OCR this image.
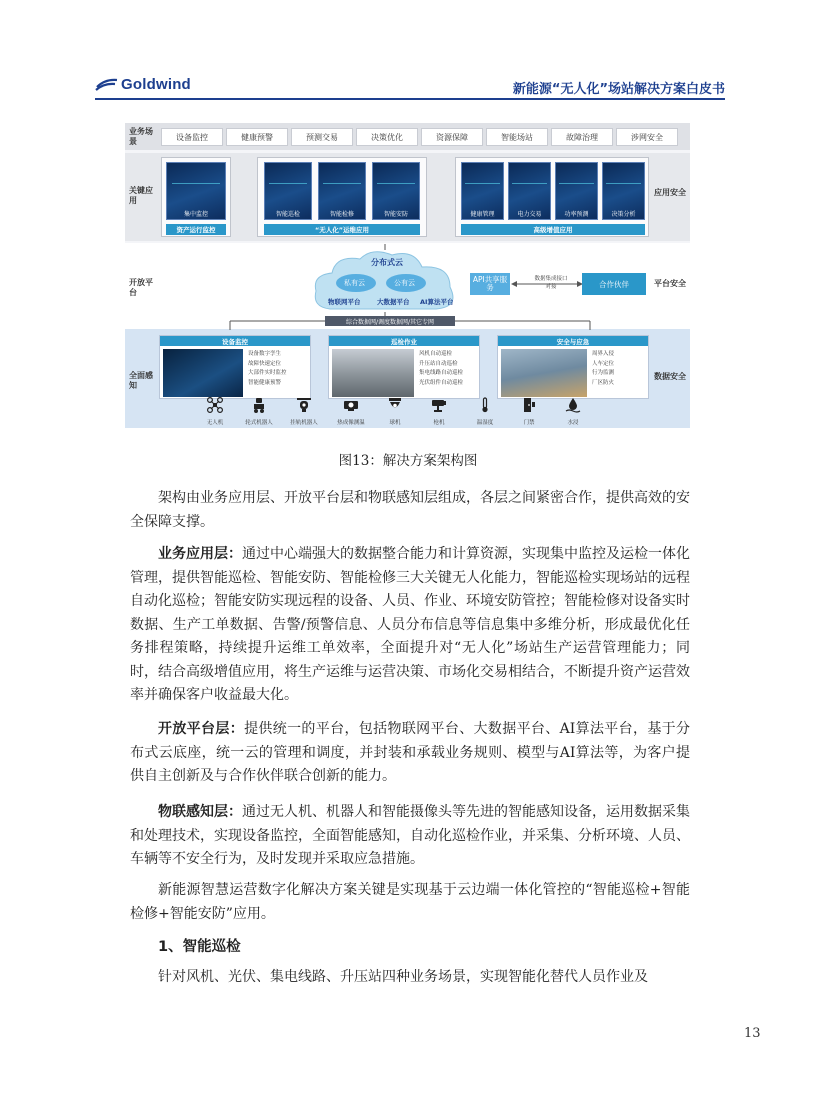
Goldwind	新能源“无人化”场站解决方案白皮书
业务场景
关键应用
开放平台
全面感知
应用安全
平台安全
数据安全
设备监控	健康预警	预测交易	决策优化	资源保障	智能场站	故障治理	涉网安全
集中监控
资产运行监控
智能巡检	智能检修	智能安防
“无人化”运维应用
健康管理	电力交易	功率预测	决策分析
高级增值应用
分布式云
私有云	公有云
物联网平台	大数据平台 AI算法平台
API共享服务
数据集成接口对接	合作伙伴
综合数据网/调度数据网/其它专网
设备监控
设备数字孪生
故障快速定位
大部件实时监控
智能健康预警
巡检作业
风机自动巡检
升压站自动巡检
集电线路自动巡检
光伏组件自动巡检
安全与应急
周界入侵
人车定位
行为监测
厂区防火
无人机	轮式机器人	挂轨机器人	热成像测温	球机	枪机	温湿度	门禁	水浸
图13：解决方案架构图
架构由业务应用层、开放平台层和物联感知层组成，各层之间紧密合作，提供高效的安全保障支撑。
业务应用层：通过中心端强大的数据整合能力和计算资源，实现集中监控及运检一体化管理，提供智能巡检、智能安防、智能检修三大关键无人化能力，智能巡检实现场站的远程自动化巡检；智能安防实现远程的设备、人员、作业、环境安防管控；智能检修对设备实时数据、生产工单数据、告警/预警信息、人员分布信息等信息集中多维分析，形成最优化任务排程策略，持续提升运维工单效率，全面提升对“无人化”场站生产运营管理能力；同时，结合高级增值应用，将生产运维与运营决策、市场化交易相结合，不断提升资产运营效率并确保客户收益最大化。
开放平台层：提供统一的平台，包括物联网平台、大数据平台、AI算法平台，基于分布式云底座，统一云的管理和调度，并封装和承载业务规则、模型与AI算法等，为客户提供自主创新及与合作伙伴联合创新的能力。
物联感知层：通过无人机、机器人和智能摄像头等先进的智能感知设备，运用数据采集和处理技术，实现设备监控，全面智能感知，自动化巡检作业，并采集、分析环境、人员、车辆等不安全行为，及时发现并采取应急措施。
新能源智慧运营数字化解决方案关键是实现基于云边端一体化管控的“智能巡检+智能检修+智能安防”应用。
1、智能巡检
针对风机、光伏、集电线路、升压站四种业务场景，实现智能化替代人员作业及
13
